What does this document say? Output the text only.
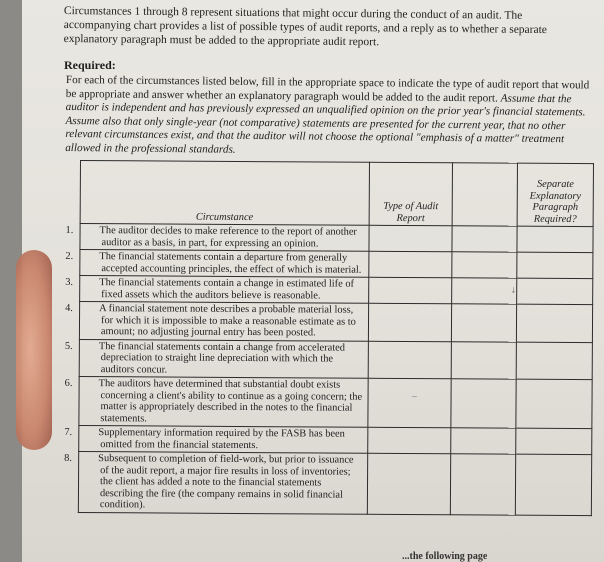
Circumstances 1 through 8 represent situations that might occur during the conduct of an audit. The accompanying chart provides a list of possible types of audit reports, and a reply as to whether a separate explanatory paragraph must be added to the appropriate audit report.
Required:
For each of the circumstances listed below, fill in the appropriate space to indicate the type of audit report that would be appropriate and answer whether an explanatory paragraph would be added to the audit report. Assume that the auditor is independent and has previously expressed an unqualified opinion on the prior year's financial statements. Assume also that only single-year (not comparative) statements are presented for the current year, that no other relevant circumstances exist, and that the auditor will not choose the optional "emphasis of a matter" treatment allowed in the professional standards.
Circumstance	Type of Audit Report		Separate Explanatory Paragraph Required?

1. The auditor decides to make reference to the report of another auditor as a basis, in part, for expressing an opinion.			

2. The financial statements contain a departure from generally accepted accounting principles, the effect of which is material.			

3. The financial statements contain a change in estimated life of fixed assets which the auditors believe is reasonable.			

4. A financial statement note describes a probable material loss, for which it is impossible to make a reasonable estimate as to amount; no adjusting journal entry has been posted.			

5. The financial statements contain a change from accelerated depreciation to straight line depreciation with which the auditors concur.			

6. The auditors have determined that substantial doubt exists concerning a client's ability to continue as a going concern; the matter is appropriately described in the notes to the financial statements.			

7. Supplementary information required by the FASB has been omitted from the financial statements.			

8. Subsequent to completion of field-work, but prior to issuance of the audit report, a major fire results in loss of inventories; the client has added a note to the financial statements describing the fire (the company remains in solid financial condition).			

~
↓
...the following page
